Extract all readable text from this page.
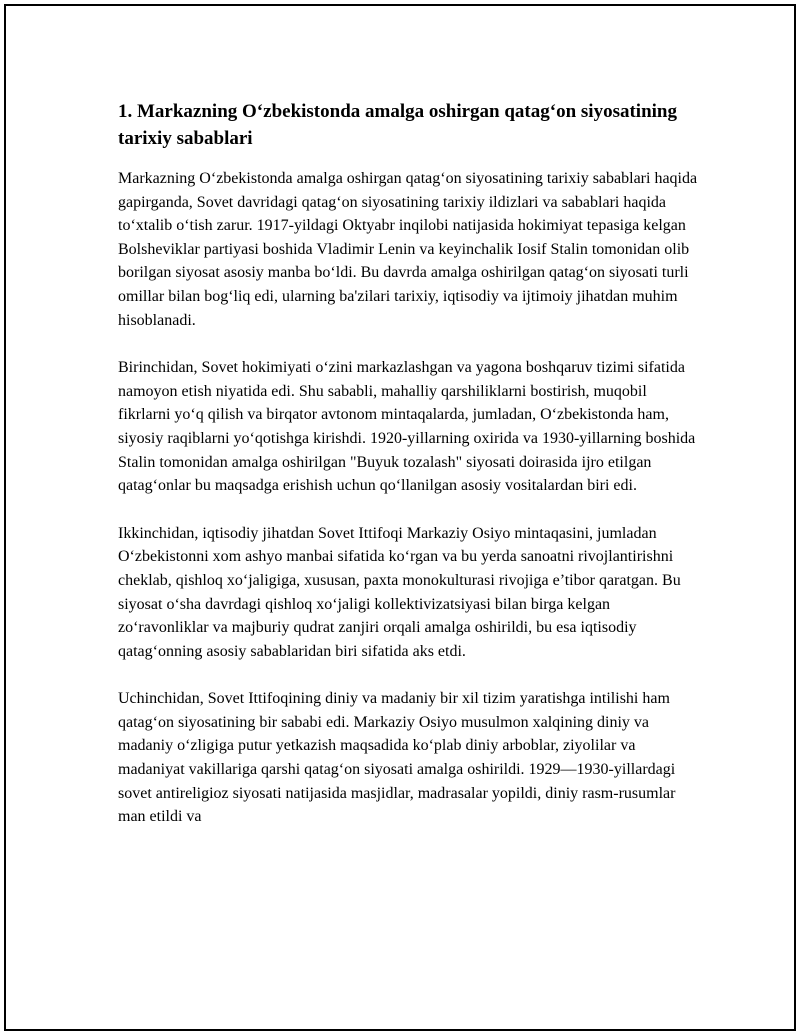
1. Markazning O‘zbekistonda amalga oshirgan qatag‘on siyosatining tarixiy sabablari

Markazning O‘zbekistonda amalga oshirgan qatag‘on siyosatining tarixiy sabablari haqida gapirganda, Sovet davridagi qatag‘on siyosatining tarixiy ildizlari va sabablari haqida to‘xtalib o‘tish zarur. 1917-yildagi Oktyabr inqilobi natijasida hokimiyat tepasiga kelgan Bolsheviklar partiyasi boshida Vladimir Lenin va keyinchalik Iosif Stalin tomonidan olib borilgan siyosat asosiy manba bo‘ldi. Bu davrda amalga oshirilgan qatag‘on siyosati turli omillar bilan bog‘liq edi, ularning ba'zilari tarixiy, iqtisodiy va ijtimoiy jihatdan muhim hisoblanadi.

Birinchidan, Sovet hokimiyati o‘zini markazlashgan va yagona boshqaruv tizimi sifatida namoyon etish niyatida edi. Shu sababli, mahalliy qarshiliklarni bostirish, muqobil fikrlarni yo‘q qilish va birqator avtonom mintaqalarda, jumladan, O‘zbekistonda ham, siyosiy raqiblarni yo‘qotishga kirishdi. 1920-yillarning oxirida va 1930-yillarning boshida Stalin tomonidan amalga oshirilgan "Buyuk tozalash" siyosati doirasida ijro etilgan qatag‘onlar bu maqsadga erishish uchun qo‘llanilgan asosiy vositalardan biri edi.

Ikkinchidan, iqtisodiy jihatdan Sovet Ittifoqi Markaziy Osiyo mintaqasini, jumladan O‘zbekistonni xom ashyo manbai sifatida ko‘rgan va bu yerda sanoatni rivojlantirishni cheklab, qishloq xo‘jaligiga, xususan, paxta monokulturasi rivojiga e’tibor qaratgan. Bu siyosat o‘sha davrdagi qishloq xo‘jaligi kollektivizatsiyasi bilan birga kelgan zo‘ravonliklar va majburiy qudrat zanjiri orqali amalga oshirildi, bu esa iqtisodiy qatag‘onning asosiy sabablaridan biri sifatida aks etdi.

Uchinchidan, Sovet Ittifoqining diniy va madaniy bir xil tizim yaratishga intilishi ham qatag‘on siyosatining bir sababi edi. Markaziy Osiyo musulmon xalqining diniy va madaniy o‘zligiga putur yetkazish maqsadida ko‘plab diniy arboblar, ziyolilar va madaniyat vakillariga qarshi qatag‘on siyosati amalga oshirildi. 1929—1930-yillardagi sovet antireligioz siyosati natijasida masjidlar, madrasalar yopildi, diniy rasm-rusumlar man etildi va
